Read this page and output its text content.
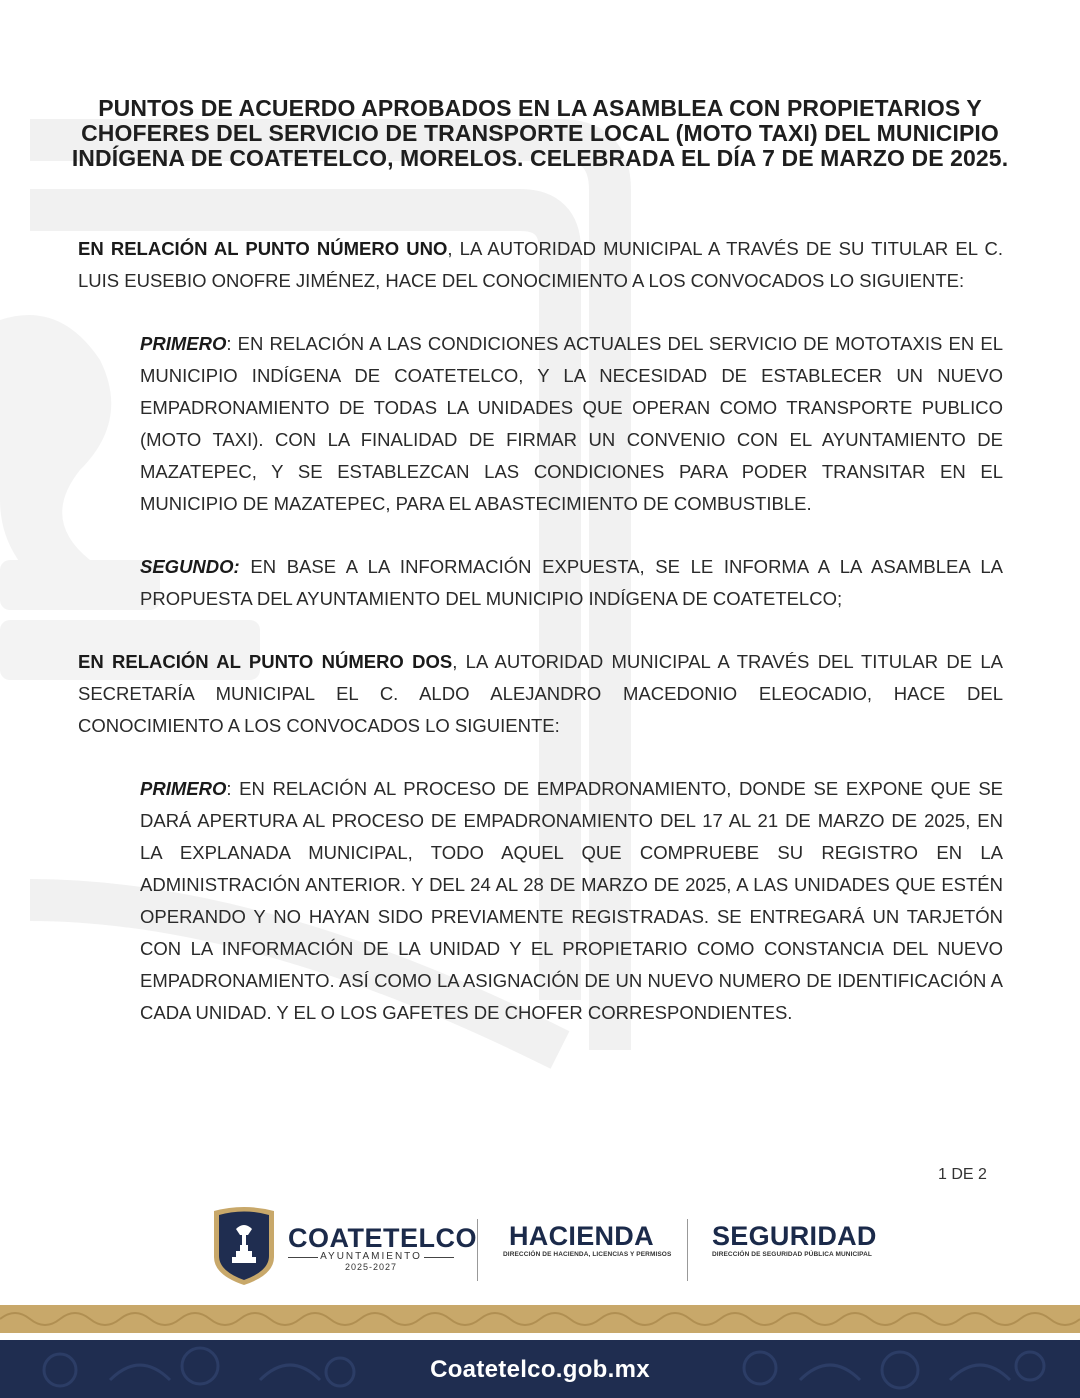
PUNTOS DE ACUERDO APROBADOS EN LA ASAMBLEA CON PROPIETARIOS Y CHOFERES DEL SERVICIO DE TRANSPORTE LOCAL (MOTO TAXI) DEL MUNICIPIO INDÍGENA DE COATETELCO, MORELOS. CELEBRADA EL DÍA 7 DE MARZO DE 2025.
EN RELACIÓN AL PUNTO NÚMERO UNO, LA AUTORIDAD MUNICIPAL A TRAVÉS DE SU TITULAR EL C. LUIS EUSEBIO ONOFRE JIMÉNEZ, HACE DEL CONOCIMIENTO A LOS CONVOCADOS LO SIGUIENTE:
PRIMERO: EN RELACIÓN A LAS CONDICIONES ACTUALES DEL SERVICIO DE MOTOTAXIS EN EL MUNICIPIO INDÍGENA DE COATETELCO, Y LA NECESIDAD DE ESTABLECER UN NUEVO EMPADRONAMIENTO DE TODAS LA UNIDADES QUE OPERAN COMO TRANSPORTE PUBLICO (MOTO TAXI). CON LA FINALIDAD DE FIRMAR UN CONVENIO CON EL AYUNTAMIENTO DE MAZATEPEC, Y SE ESTABLEZCAN LAS CONDICIONES PARA PODER TRANSITAR EN EL MUNICIPIO DE MAZATEPEC, PARA EL ABASTECIMIENTO DE COMBUSTIBLE.
SEGUNDO: EN BASE A LA INFORMACIÓN EXPUESTA, SE LE INFORMA A LA ASAMBLEA LA PROPUESTA DEL AYUNTAMIENTO DEL MUNICIPIO INDÍGENA DE COATETELCO;
EN RELACIÓN AL PUNTO NÚMERO DOS, LA AUTORIDAD MUNICIPAL A TRAVÉS DEL TITULAR DE LA SECRETARÍA MUNICIPAL EL C. ALDO ALEJANDRO MACEDONIO ELEOCADIO, HACE DEL CONOCIMIENTO A LOS CONVOCADOS LO SIGUIENTE:
PRIMERO: EN RELACIÓN AL PROCESO DE EMPADRONAMIENTO, DONDE SE EXPONE QUE SE DARÁ APERTURA AL PROCESO DE EMPADRONAMIENTO DEL 17 AL 21 DE MARZO DE 2025, EN LA EXPLANADA MUNICIPAL, TODO AQUEL QUE COMPRUEBE SU REGISTRO EN LA ADMINISTRACIÓN ANTERIOR. Y DEL 24 AL 28 DE MARZO DE 2025, A LAS UNIDADES QUE ESTÉN OPERANDO Y NO HAYAN SIDO PREVIAMENTE REGISTRADAS. SE ENTREGARÁ UN TARJETÓN CON LA INFORMACIÓN DE LA UNIDAD Y EL PROPIETARIO COMO CONSTANCIA DEL NUEVO EMPADRONAMIENTO. ASÍ COMO LA ASIGNACIÓN DE UN NUEVO NUMERO DE IDENTIFICACIÓN A CADA UNIDAD. Y EL O LOS GAFETES DE CHOFER CORRESPONDIENTES.
1 DE 2
COATETELCO
AYUNTAMIENTO
2025-2027
HACIENDA
DIRECCIÓN DE HACIENDA, LICENCIAS Y PERMISOS
SEGURIDAD
DIRECCIÓN DE SEGURIDAD PÚBLICA MUNICIPAL
Coatetelco.gob.mx
